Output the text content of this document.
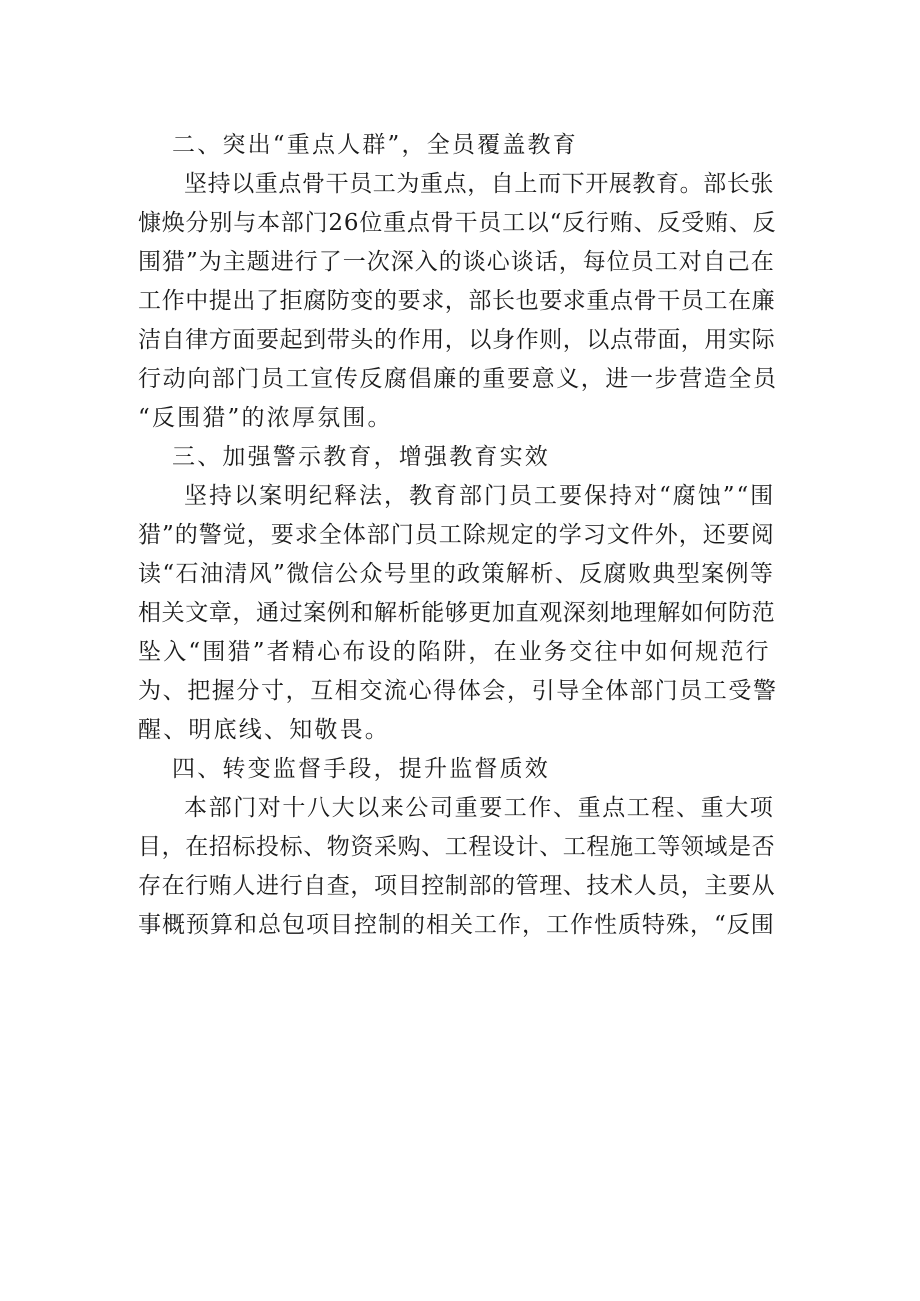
二、突出“重点人群”，全员覆盖教育
坚持以重点骨干员工为重点，自上而下开展教育。部长张
慷焕分别与本部门26位重点骨干员工以“反行贿、反受贿、反
围猎”为主题进行了一次深入的谈心谈话，每位员工对自己在
工作中提出了拒腐防变的要求，部长也要求重点骨干员工在廉
洁自律方面要起到带头的作用，以身作则，以点带面，用实际
行动向部门员工宣传反腐倡廉的重要意义，进一步营造全员
“反围猎”的浓厚氛围。
三、加强警示教育，增强教育实效
坚持以案明纪释法，教育部门员工要保持对“腐蚀”“围
猎”的警觉，要求全体部门员工除规定的学习文件外，还要阅
读“石油清风”微信公众号里的政策解析、反腐败典型案例等
相关文章，通过案例和解析能够更加直观深刻地理解如何防范
坠入“围猎”者精心布设的陷阱，在业务交往中如何规范行
为、把握分寸，互相交流心得体会，引导全体部门员工受警
醒、明底线、知敬畏。
四、转变监督手段，提升监督质效
本部门对十八大以来公司重要工作、重点工程、重大项
目，在招标投标、物资采购、工程设计、工程施工等领域是否
存在行贿人进行自查，项目控制部的管理、技术人员，主要从
事概预算和总包项目控制的相关工作，工作性质特殊，“反围
